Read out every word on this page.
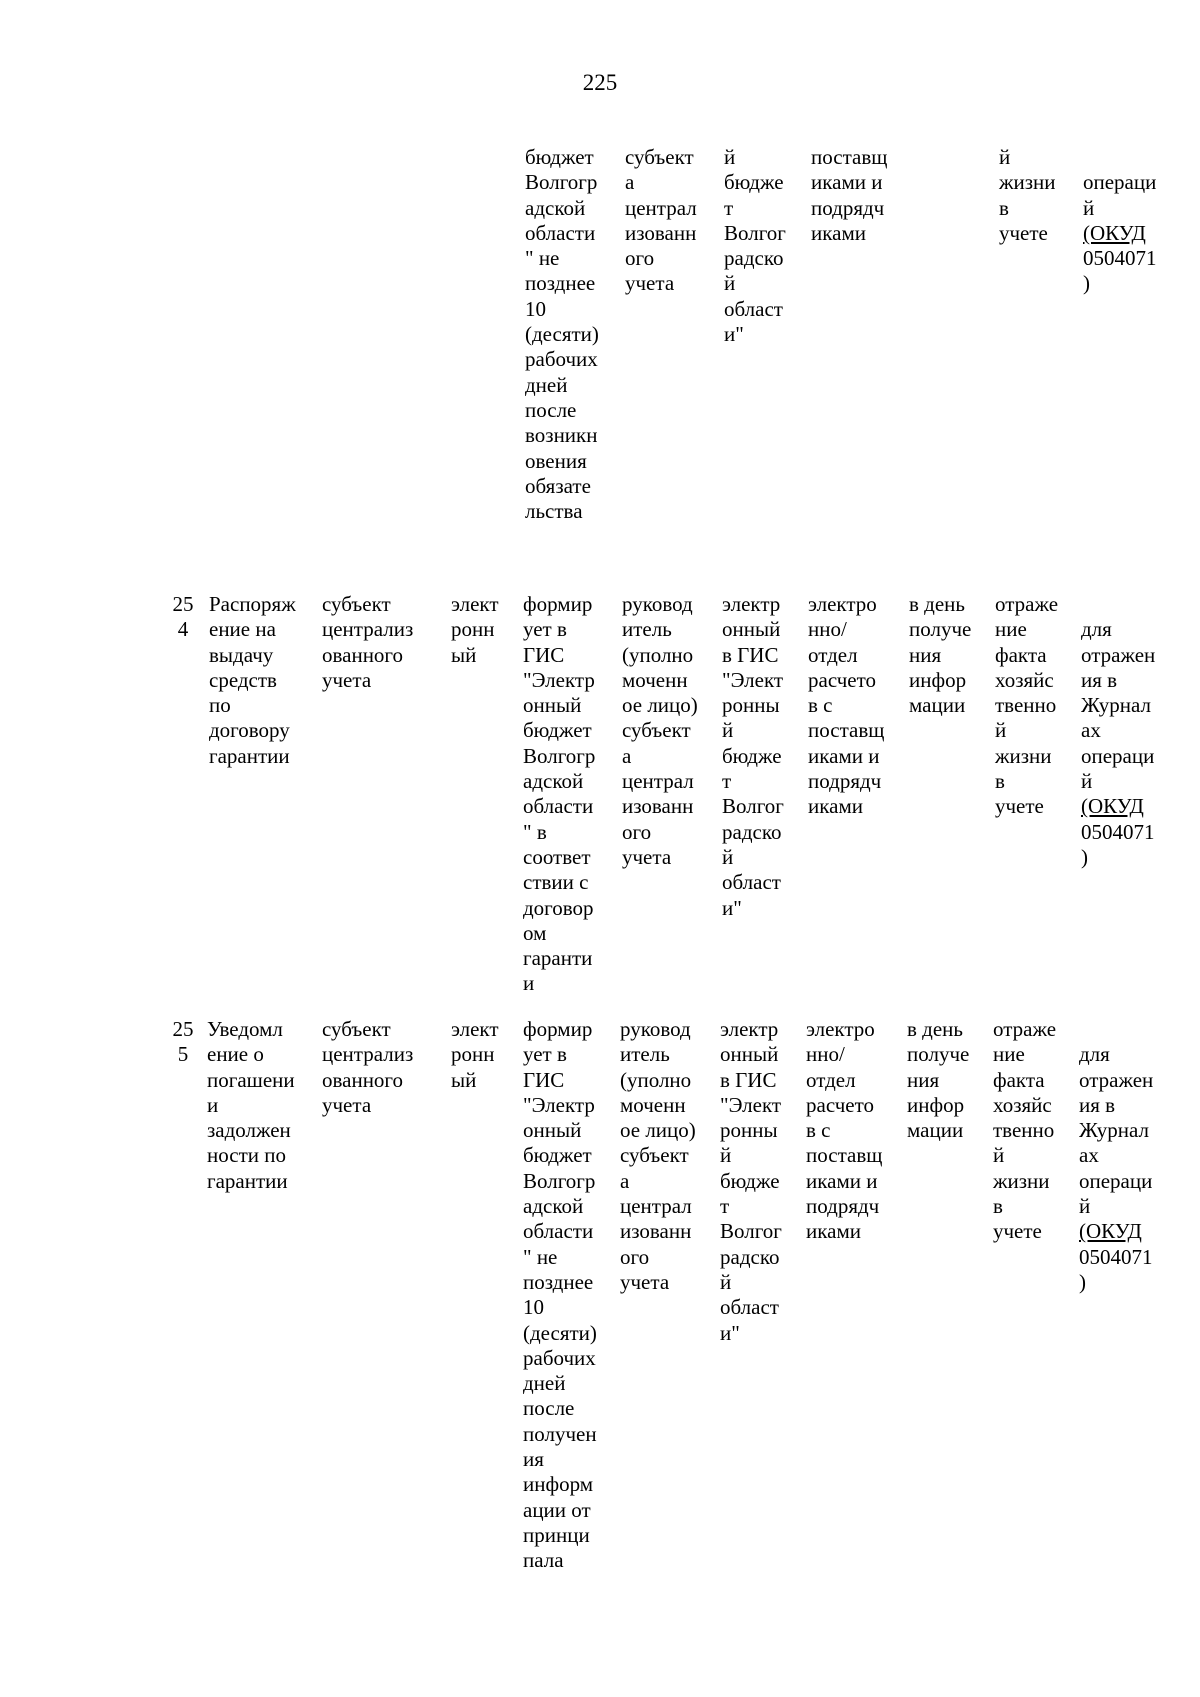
225
бюджет
Волгогр
адской
области
" не
позднее
10
(десяти)
рабочих
дней
после
возникн
овения
обязате
льства
субъект
а
централ
изованн
ого
учета
й
бюдже
т
Волгог
радско
й
област
и"
поставщ
иками и
подрядч
иками
й
жизни
в
учете

операци
й
(ОКУД
0504071
)

25
4
Распоряж
ение на
выдачу
средств
по
договору
гарантии
субъект
централиз
ованного
учета
элект
ронн
ый
формир
ует в
ГИС
"Электр
онный
бюджет
Волгогр
адской
области
" в
соответ
ствии с
договор
ом
гаранти
и
руковод
итель
(уполно
моченн
ое лицо)
субъект
а
централ
изованн
ого
учета
электр
онный
в ГИС
"Элект
ронны
й
бюдже
т
Волгог
радско
й
област
и"
электро
нно/
отдел
расчето
в с
поставщ
иками и
подрядч
иками
в день
получе
ния
инфор
мации
отраже
ние
факта
хозяйс
твенно
й
жизни
в
учете

для
отражен
ия в
Журнал
ах
операци
й
(ОКУД
0504071
)

25
5
Уведомл
ение о
погашени
и
задолжен
ности по
гарантии
субъект
централиз
ованного
учета
элект
ронн
ый
формир
ует в
ГИС
"Электр
онный
бюджет
Волгогр
адской
области
" не
позднее
10
(десяти)
рабочих
дней
после
получен
ия
информ
ации от
принци
пала
руковод
итель
(уполно
моченн
ое лицо)
субъект
а
централ
изованн
ого
учета
электр
онный
в ГИС
"Элект
ронны
й
бюдже
т
Волгог
радско
й
област
и"
электро
нно/
отдел
расчето
в с
поставщ
иками и
подрядч
иками
в день
получе
ния
инфор
мации
отраже
ние
факта
хозяйс
твенно
й
жизни
в
учете

для
отражен
ия в
Журнал
ах
операци
й
(ОКУД
0504071
)
